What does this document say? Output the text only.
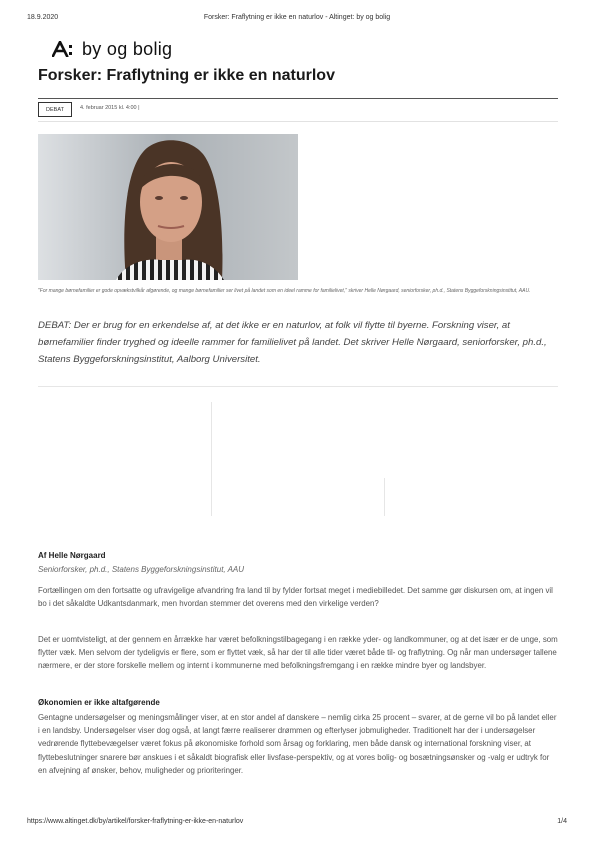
18.9.2020	Forsker: Fraflytning er ikke en naturlov - Altinget: by og bolig
by og bolig
Forsker: Fraflytning er ikke en naturlov
DEBAT	4. februar 2015 kl. 4:00 |
"For mange børnefamilier er gode opvækstvilkår afgørende, og mange børnefamilier ser livet på landet som en ideel ramme for familielivet," skriver Helle Nørgaard, seniorforsker, ph.d., Statens Byggeforskningsinstitut, AAU.
DEBAT: Der er brug for en erkendelse af, at det ikke er en naturlov, at folk vil flytte til byerne. Forskning viser, at børnefamilier finder tryghed og ideelle rammer for familielivet på landet. Det skriver Helle Nørgaard, seniorforsker, ph.d., Statens Byggeforskningsinstitut, Aalborg Universitet.
Af Helle Nørgaard
Seniorforsker, ph.d., Statens Byggeforskningsinstitut, AAU
Fortællingen om den fortsatte og ufravigelige afvandring fra land til by fylder fortsat meget i mediebilledet. Det samme gør diskursen om, at ingen vil bo i det såkaldte Udkantsdanmark, men hvordan stemmer det overens med den virkelige verden?
Det er uomtvisteligt, at der gennem en årrække har været befolkningstilbagegang i en række yder- og landkommuner, og at det især er de unge, som flytter væk. Men selvom der tydeligvis er flere, som er flyttet væk, så har der til alle tider været både til- og fraflytning. Og når man undersøger tallene nærmere, er der store forskelle mellem og internt i kommunerne med befolkningsfremgang i en række mindre byer og landsbyer.
Økonomien er ikke altafgørende
Gentagne undersøgelser og meningsmålinger viser, at en stor andel af danskere – nemlig cirka 25 procent – svarer, at de gerne vil bo på landet eller i en landsby. Undersøgelser viser dog også, at langt færre realiserer drømmen og efterlyser jobmuligheder. Traditionelt har der i undersøgelser vedrørende flyttebevægelser været fokus på økonomiske forhold som årsag og forklaring, men både dansk og international forskning viser, at flyttebeslutninger snarere bør anskues i et såkaldt biografisk eller livsfase-perspektiv, og at vores bolig- og bosætningsønsker og -valg er udtryk for en afvejning af ønsker, behov, muligheder og prioriteringer.
https://www.altinget.dk/by/artikel/forsker-fraflytning-er-ikke-en-naturlov	1/4
